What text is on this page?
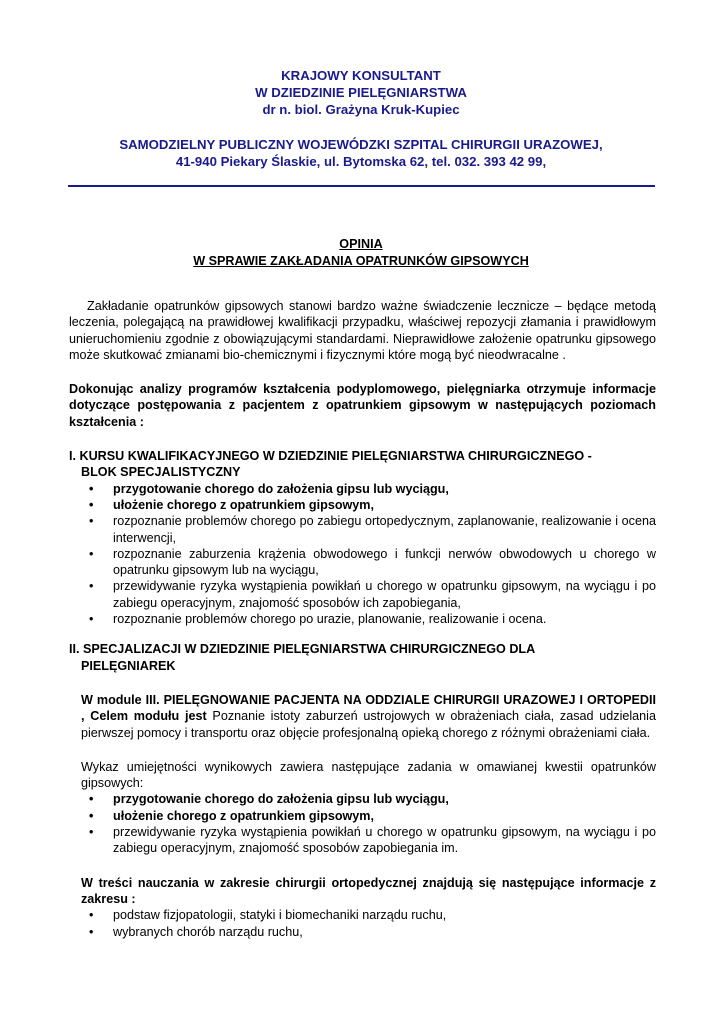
KRAJOWY KONSULTANT
W DZIEDZINIE PIELĘGNIARSTWA
dr n. biol. Grażyna Kruk-Kupiec
SAMODZIELNY PUBLICZNY WOJEWÓDZKI SZPITAL CHIRURGII URAZOWEJ,
41-940 Piekary Ślaskie, ul. Bytomska 62, tel. 032. 393 42 99,
OPINIA
W SPRAWIE ZAKŁADANIA OPATRUNKÓW GIPSOWYCH

Zakładanie opatrunków gipsowych stanowi bardzo ważne świadczenie lecznicze – będące metodą leczenia, polegającą na prawidłowej kwalifikacji przypadku, właściwej repozycji złamania i prawidłowym unieruchomieniu zgodnie z obowiązującymi standardami. Nieprawidłowe założenie opatrunku gipsowego może skutkować zmianami bio-chemicznymi i fizycznymi które mogą być nieodwracalne .

Dokonując analizy programów kształcenia podyplomowego, pielęgniarka otrzymuje informacje dotyczące postępowania z pacjentem z opatrunkiem gipsowym w następujących poziomach kształcenia :

I. KURSU KWALIFIKACYJNEGO W DZIEDZINIE PIELĘGNIARSTWA CHIRURGICZNEGO -
BLOK SPECJALISTYCZNY
• przygotowanie chorego do założenia gipsu lub wyciągu,
• ułożenie chorego z opatrunkiem gipsowym,
• rozpoznanie problemów chorego po zabiegu ortopedycznym, zaplanowanie, realizowanie i ocena interwencji,
• rozpoznanie zaburzenia krążenia obwodowego i funkcji nerwów obwodowych u chorego w opatrunku gipsowym lub na wyciągu,
• przewidywanie ryzyka wystąpienia powikłań u chorego w opatrunku gipsowym, na wyciągu i po zabiegu operacyjnym, znajomość sposobów ich zapobiegania,
• rozpoznanie problemów chorego po urazie, planowanie, realizowanie i ocena.
II. SPECJALIZACJI W DZIEDZINIE PIELĘGNIARSTWA CHIRURGICZNEGO DLA
PIELĘGNIAREK

W module III. PIELĘGNOWANIE PACJENTA NA ODDZIALE CHIRURGII URAZOWEJ I ORTOPEDII , Celem modułu jest Poznanie istoty zaburzeń ustrojowych w obrażeniach ciała, zasad udzielania pierwszej pomocy i transportu oraz objęcie profesjonalną opieką chorego z różnymi obrażeniami ciała.

Wykaz umiejętności wynikowych zawiera następujące zadania w omawianej kwestii opatrunków gipsowych:

• przygotowanie chorego do założenia gipsu lub wyciągu,
• ułożenie chorego z opatrunkiem gipsowym,
• przewidywanie ryzyka wystąpienia powikłań u chorego w opatrunku gipsowym, na wyciągu i po zabiegu operacyjnym, znajomość sposobów zapobiegania im.

W treści nauczania w zakresie chirurgii ortopedycznej znajdują się następujące informacje z zakresu :

• podstaw fizjopatologii, statyki i biomechaniki narządu ruchu,
• wybranych chorób narządu ruchu,
